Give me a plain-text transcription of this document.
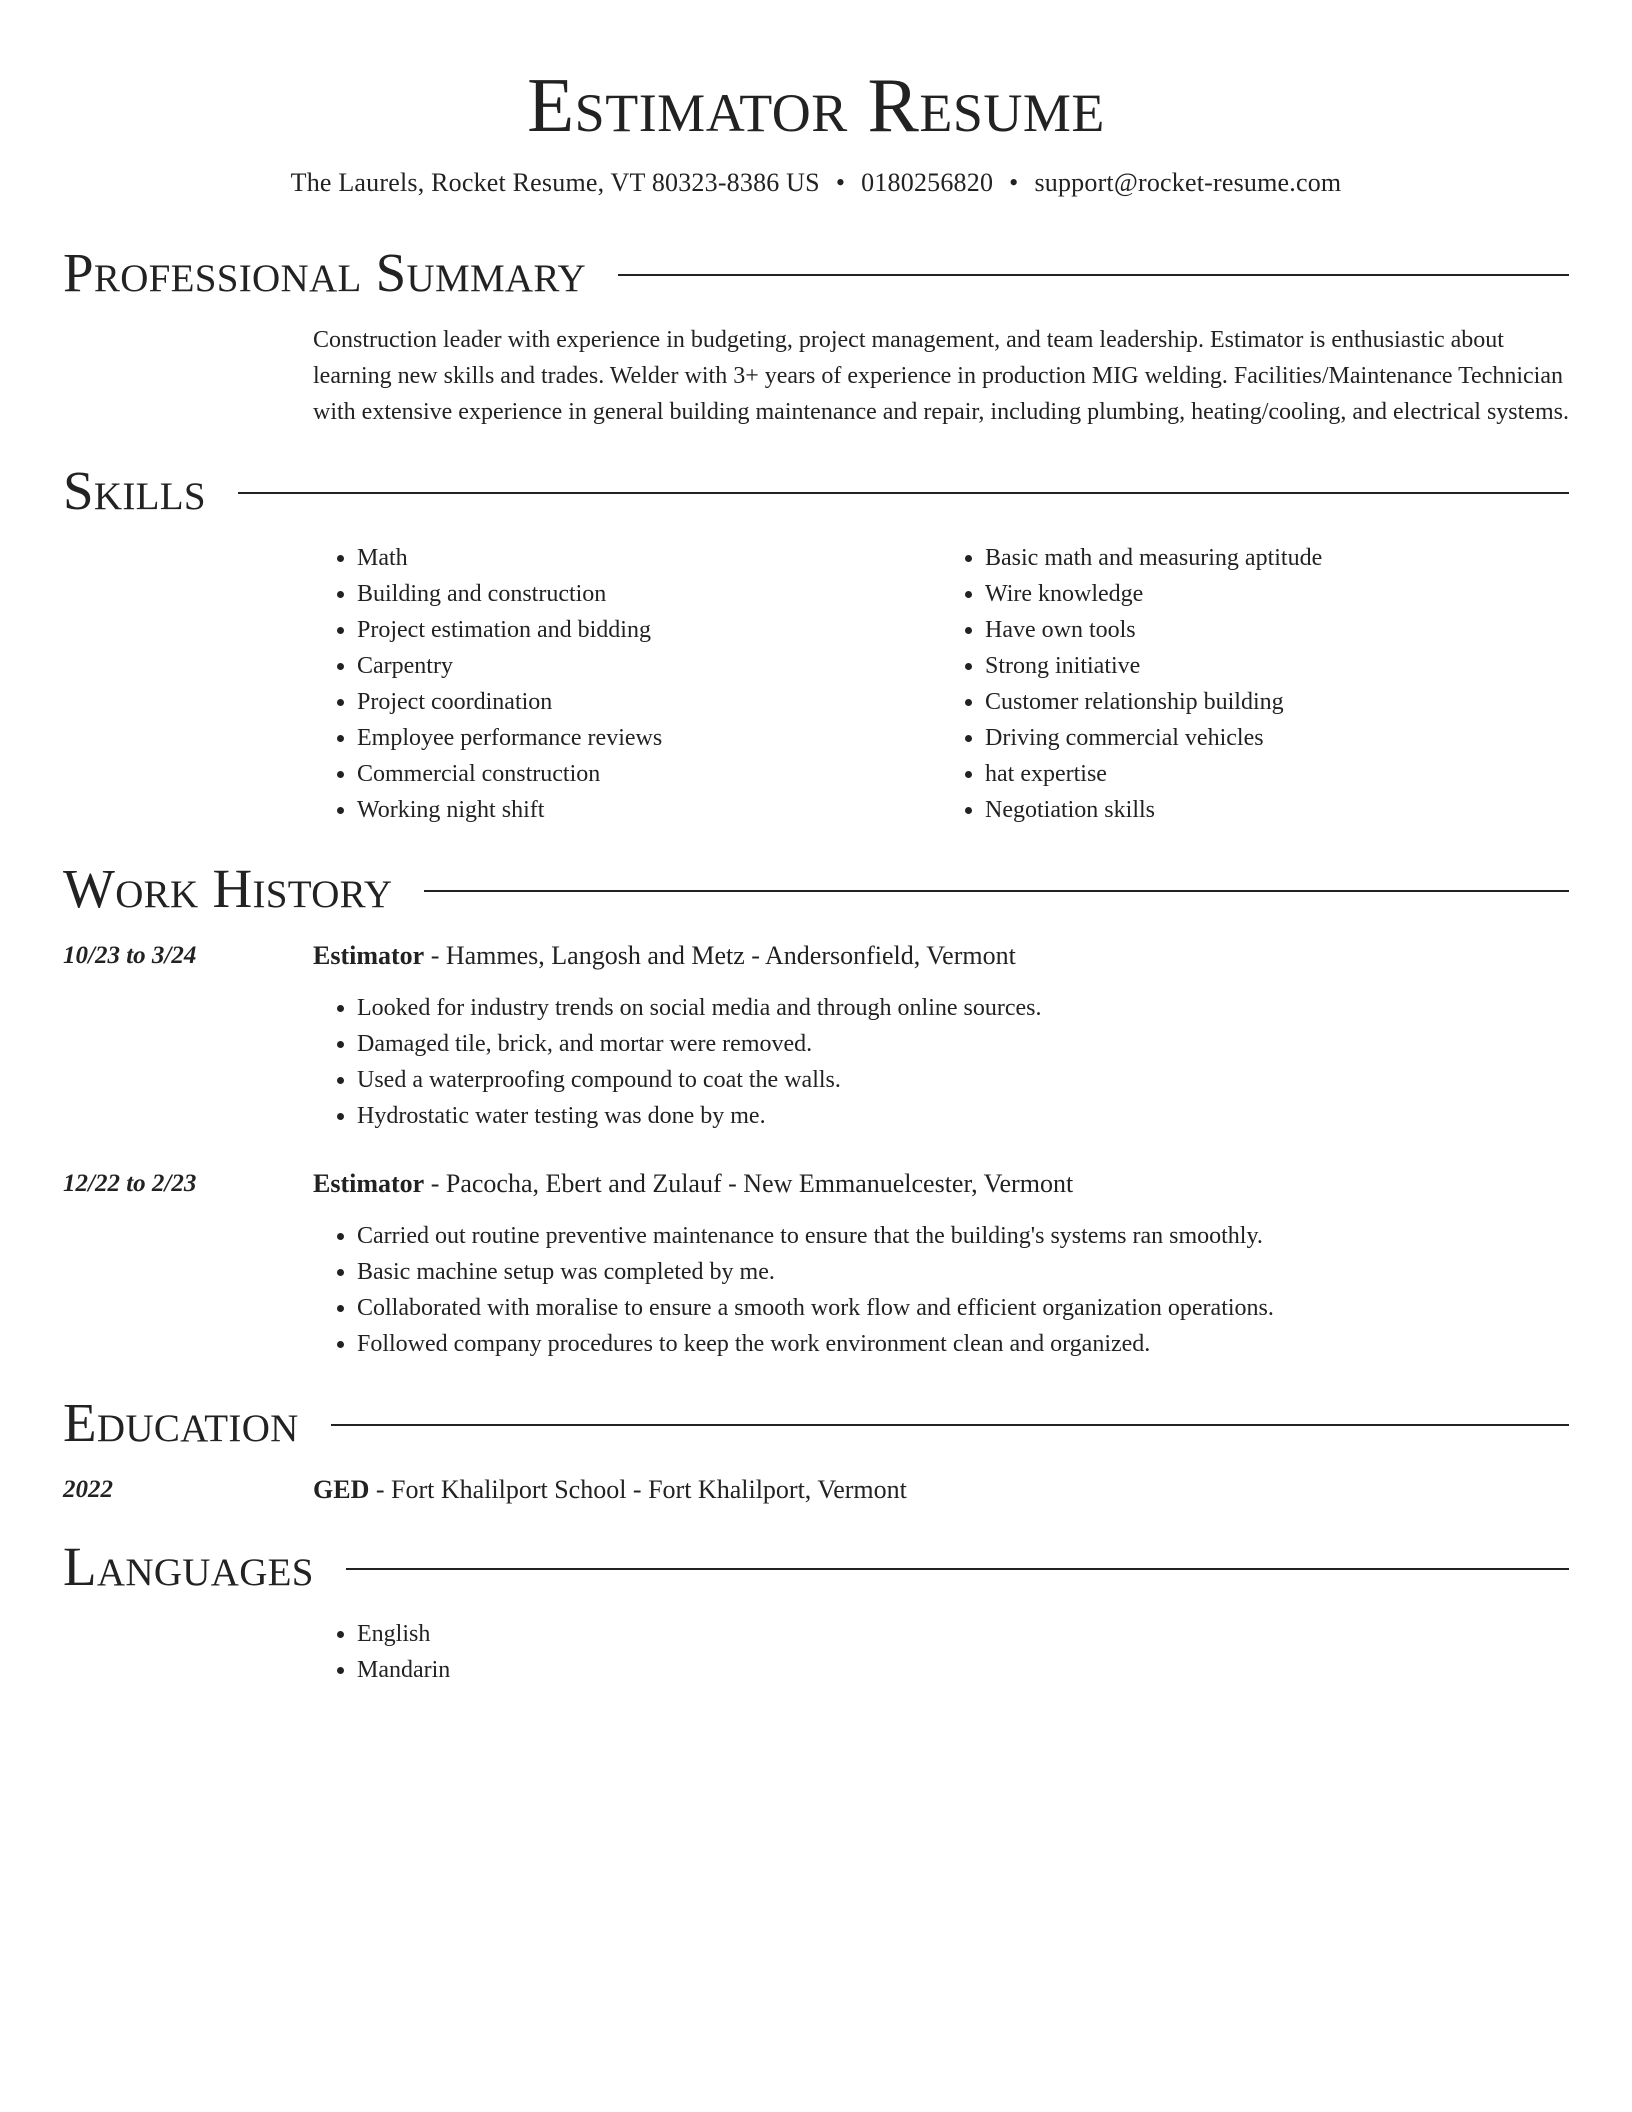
Estimator Resume
The Laurels, Rocket Resume, VT 80323-8386 US • 0180256820 • support@rocket-resume.com
Professional Summary

Construction leader with experience in budgeting, project management, and team leadership. Estimator is enthusiastic about learning new skills and trades. Welder with 3+ years of experience in production MIG welding. Facilities/Maintenance Technician with extensive experience in general building maintenance and repair, including plumbing, heating/cooling, and electrical systems.

Skills
• Math
• Building and construction
• Project estimation and bidding
• Carpentry
• Project coordination
• Employee performance reviews
• Commercial construction
• Working night shift
• Basic math and measuring aptitude
• Wire knowledge
• Have own tools
• Strong initiative
• Customer relationship building
• Driving commercial vehicles
• hat expertise
• Negotiation skills
Work History
10/23 to 3/24	Estimator - Hammes, Langosh and Metz - Andersonfield, Vermont
• Looked for industry trends on social media and through online sources.
• Damaged tile, brick, and mortar were removed.
• Used a waterproofing compound to coat the walls.
• Hydrostatic water testing was done by me.
12/22 to 2/23	Estimator - Pacocha, Ebert and Zulauf - New Emmanuelcester, Vermont
• Carried out routine preventive maintenance to ensure that the building's systems ran smoothly.
• Basic machine setup was completed by me.
• Collaborated with moralise to ensure a smooth work flow and efficient organization operations.
• Followed company procedures to keep the work environment clean and organized.
Education
2022	GED - Fort Khalilport School - Fort Khalilport, Vermont
Languages
• English
• Mandarin
